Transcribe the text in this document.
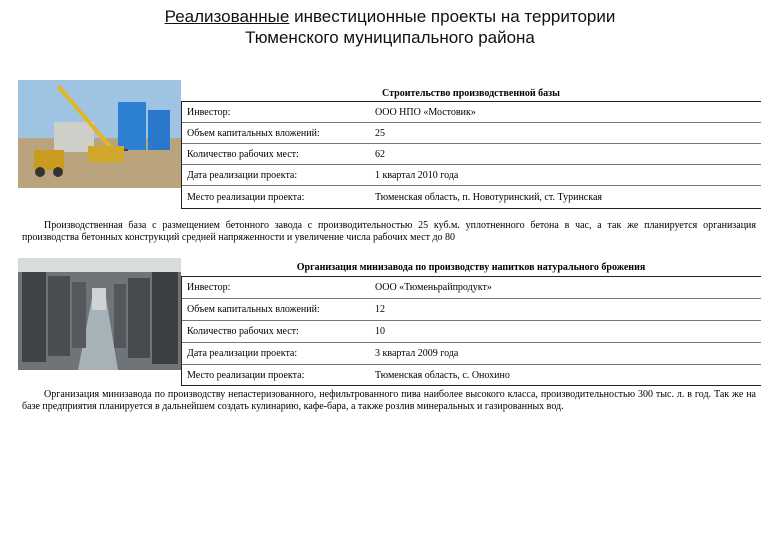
Реализованные инвестиционные проекты на территории
Тюменского муниципального района
Строительство производственной базы
Инвестор:	ООО НПО «Мостовик»
Объем капитальных вложений:	25
Количество рабочих мест:	62
Дата реализации проекта:	1 квартал 2010 года
Место реализации проекта:	Тюменская область, п. Новотуринский, ст. Туринская
Производственная база с размещением бетонного завода с производительностью 25 куб.м. уплотненного бетона в час, а так же планируется организация производства бетонных конструкций средней напряженности и увеличение числа рабочих мест до 80
Организация минизавода по производству напитков натурального брожения
Инвестор:	ООО «Тюменьрайпродукт»
Объем капитальных вложений:	12
Количество рабочих мест:	10
Дата реализации проекта:	3 квартал 2009 года
Место реализации проекта:	Тюменская область, с. Онохино
Организация минизавода по производству непастеризованного, нефильтрованного пива наиболее высокого класса, производительностью 300 тыс. л. в год. Так же на базе предприятия планируется в дальнейшем создать кулинарию, кафе-бара, а также розлив минеральных и газированных вод.
